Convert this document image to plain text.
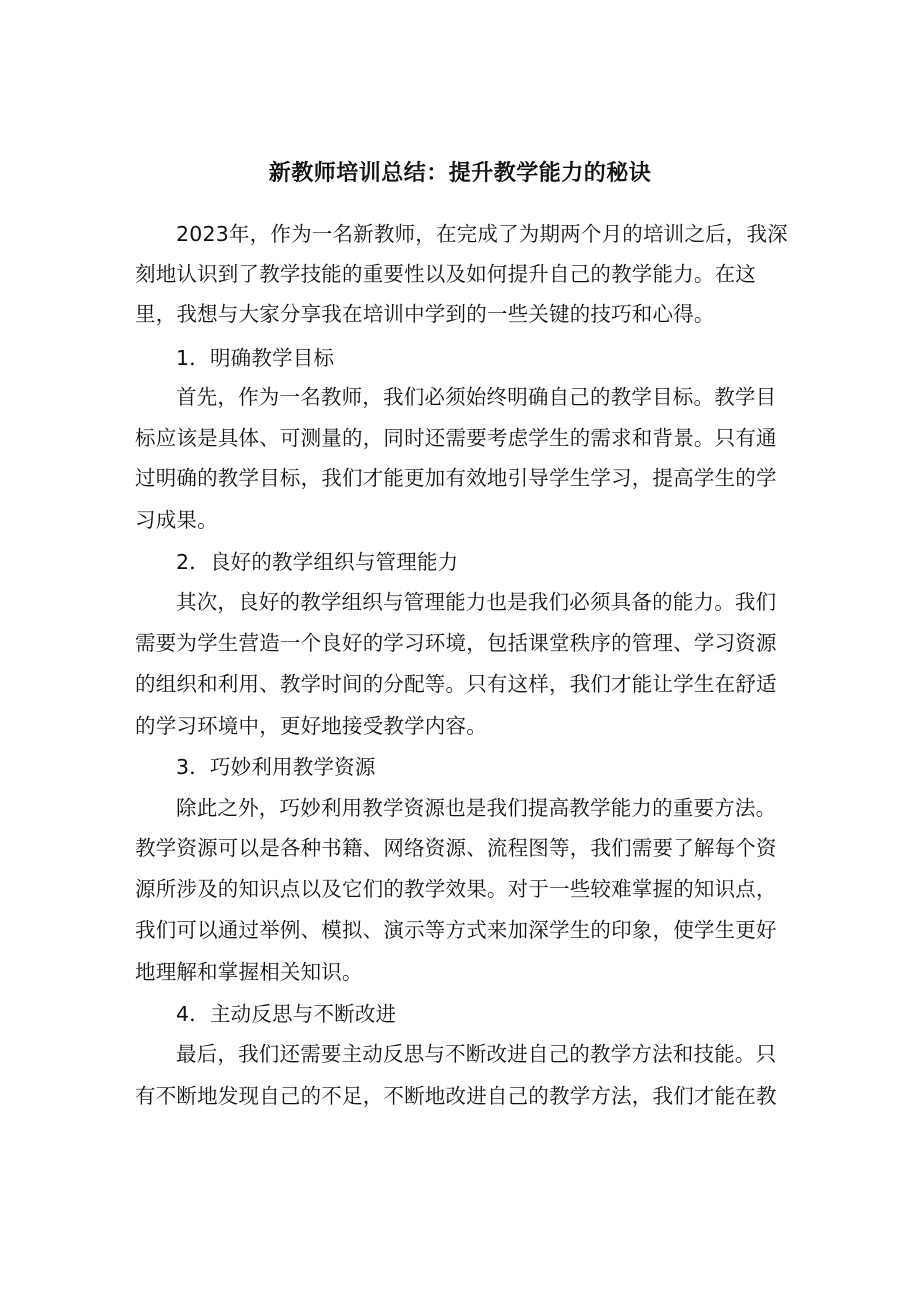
新教师培训总结：提升教学能力的秘诀
2023年，作为一名新教师，在完成了为期两个月的培训之后，我深
刻地认识到了教学技能的重要性以及如何提升自己的教学能力。在这
里，我想与大家分享我在培训中学到的一些关键的技巧和心得。
1．明确教学目标
首先，作为一名教师，我们必须始终明确自己的教学目标。教学目
标应该是具体、可测量的，同时还需要考虑学生的需求和背景。只有通
过明确的教学目标，我们才能更加有效地引导学生学习，提高学生的学
习成果。
2．良好的教学组织与管理能力
其次，良好的教学组织与管理能力也是我们必须具备的能力。我们
需要为学生营造一个良好的学习环境，包括课堂秩序的管理、学习资源
的组织和利用、教学时间的分配等。只有这样，我们才能让学生在舒适
的学习环境中，更好地接受教学内容。
3．巧妙利用教学资源
除此之外，巧妙利用教学资源也是我们提高教学能力的重要方法。
教学资源可以是各种书籍、网络资源、流程图等，我们需要了解每个资
源所涉及的知识点以及它们的教学效果。对于一些较难掌握的知识点，
我们可以通过举例、模拟、演示等方式来加深学生的印象，使学生更好
地理解和掌握相关知识。
4．主动反思与不断改进
最后，我们还需要主动反思与不断改进自己的教学方法和技能。只
有不断地发现自己的不足，不断地改进自己的教学方法，我们才能在教
